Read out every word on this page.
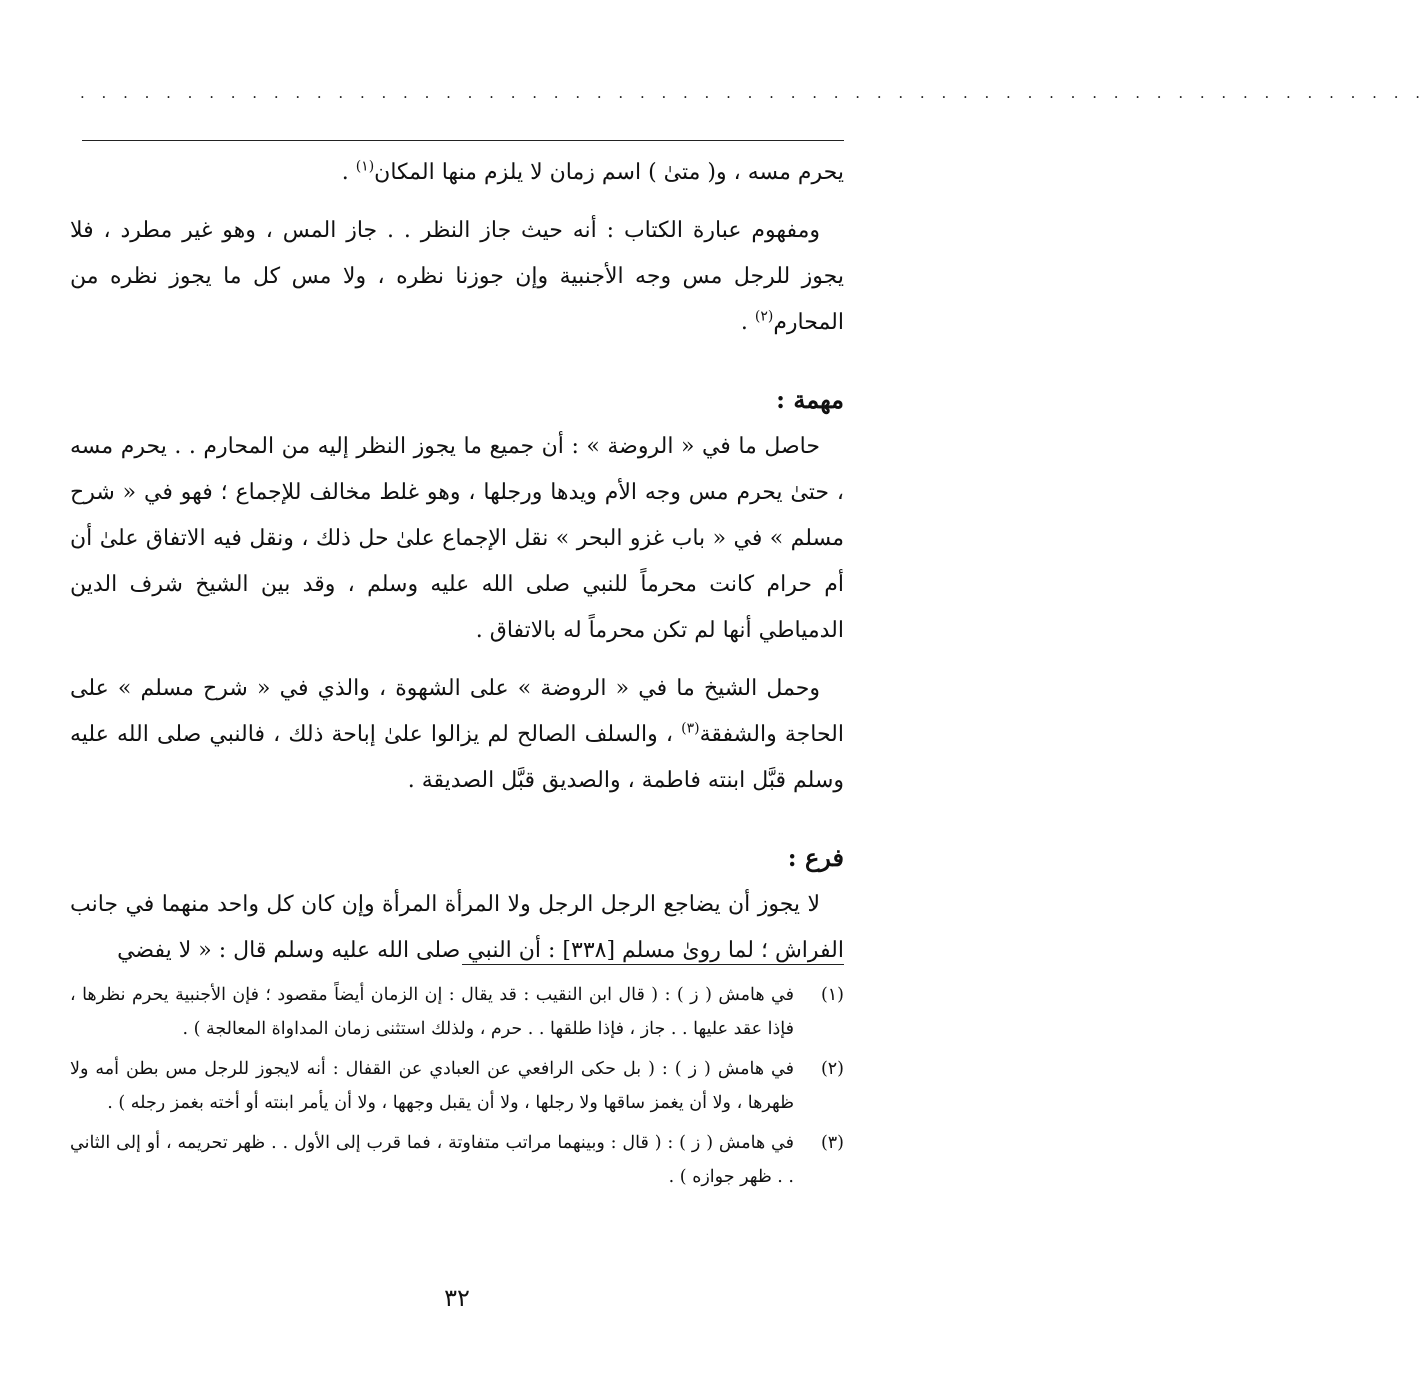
· · · · · · · · · · · · · · · · · · · · · · · · · · · · · · · · · · · · · · · · · · · · · · · · · · · · · · · · · · · · · · ·

يحرم مسه ، و( متىٰ ) اسم زمان لا يلزم منها المكان$^{(١)}$ .

ومفهوم عبارة الكتاب : أنه حيث جاز النظر . . جاز المس ، وهو غير مطرد ، فلا يجوز للرجل مس وجه الأجنبية وإن جوزنا نظره ، ولا مس كل ما يجوز نظره من المحارم$^{(٢)}$ .

مهمة :

حاصل ما في « الروضة » : أن جميع ما يجوز النظر إليه من المحارم . . يحرم مسه ، حتىٰ يحرم مس وجه الأم ويدها ورجلها ، وهو غلط مخالف للإجماع ؛ فهو في « شرح مسلم » في « باب غزو البحر » نقل الإجماع علىٰ حل ذلك ، ونقل فيه الاتفاق علىٰ أن أم حرام كانت محرماً للنبي صلى الله عليه وسلم ، وقد بين الشيخ شرف الدين الدمياطي أنها لم تكن محرماً له بالاتفاق .

وحمل الشيخ ما في « الروضة » على الشهوة ، والذي في « شرح مسلم » على الحاجة والشفقة$^{(٣)}$ ، والسلف الصالح لم يزالوا علىٰ إباحة ذلك ، فالنبي صلى الله عليه وسلم قبَّل ابنته فاطمة ، والصديق قبَّل الصديقة .

فرع :

لا يجوز أن يضاجع الرجل الرجل ولا المرأة المرأة وإن كان كل واحد منهما في جانب الفراش ؛ لما روىٰ مسلم [٣٣٨] : أن النبي صلى الله عليه وسلم قال : « لا يفضي

(١)
في هامش ( ز ) : ( قال ابن النقيب : قد يقال : إن الزمان أيضاً مقصود ؛ فإن الأجنبية يحرم نظرها ، فإذا عقد عليها . . جاز ، فإذا طلقها . . حرم ، ولذلك استثنى زمان المداواة المعالجة ) .
(٢)
في هامش ( ز ) : ( بل حكى الرافعي عن العبادي عن القفال : أنه لايجوز للرجل مس بطن أمه ولا ظهرها ، ولا أن يغمز ساقها ولا رجلها ، ولا أن يقبل وجهها ، ولا أن يأمر ابنته أو أخته بغمز رجله ) .
(٣)
في هامش ( ز ) : ( قال : وبينهما مراتب متفاوتة ، فما قرب إلى الأول . . ظهر تحريمه ، أو إلى الثاني . . ظهر جوازه ) .
٣٢
